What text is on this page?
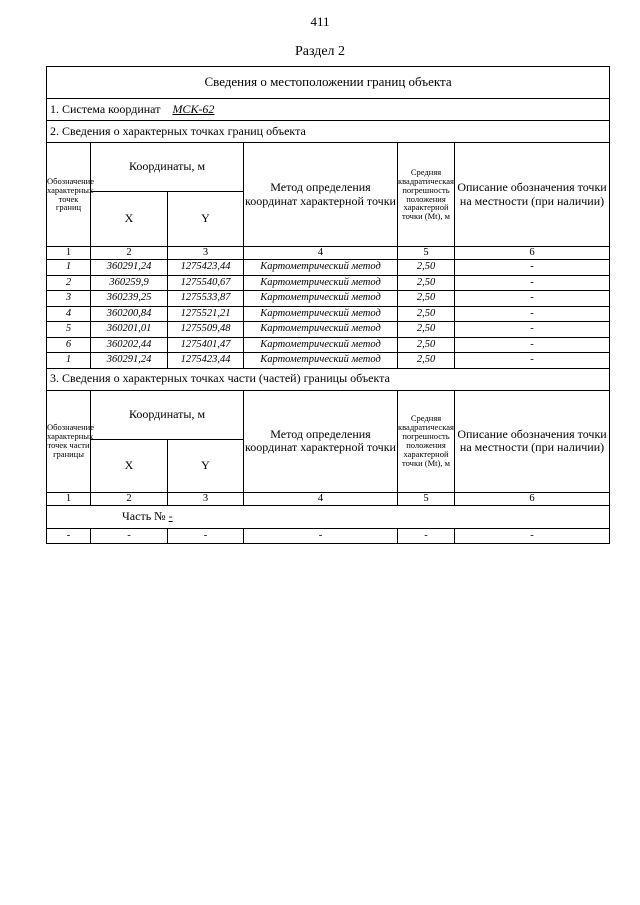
411
Раздел 2
Сведения о местоположении границ объекта					
1. Система координат МСК-62					
2. Сведения о характерных точках границ объекта					
Обозначение характерных точек границ	Координаты, м		Метод определения координат характерной точки	Средняя квадратическая погрешность положения характерной точки (Mt), м	Описание обозначения точки на местности (при наличии)
	X	Y			
1	2	3	4	5	6
1	360291,24	1275423,44	Картометрический метод	2,50	-
2	360259,9	1275540,67	Картометрический метод	2,50	-
3	360239,25	1275533,87	Картометрический метод	2,50	-
4	360200,84	1275521,21	Картометрический метод	2,50	-
5	360201,01	1275509,48	Картометрический метод	2,50	-
6	360202,44	1275401,47	Картометрический метод	2,50	-
1	360291,24	1275423,44	Картометрический метод	2,50	-
3. Сведения о характерных точках части (частей) границы объекта					
Обозначение характерных точек части границы	Координаты, м		Метод определения координат характерной точки	Средняя квадратическая погрешность положения характерной точки (Mt), м	Описание обозначения точки на местности (при наличии)
	X	Y			
1	2	3	4	5	6
Часть № -					
-	-	-	-	-	-
